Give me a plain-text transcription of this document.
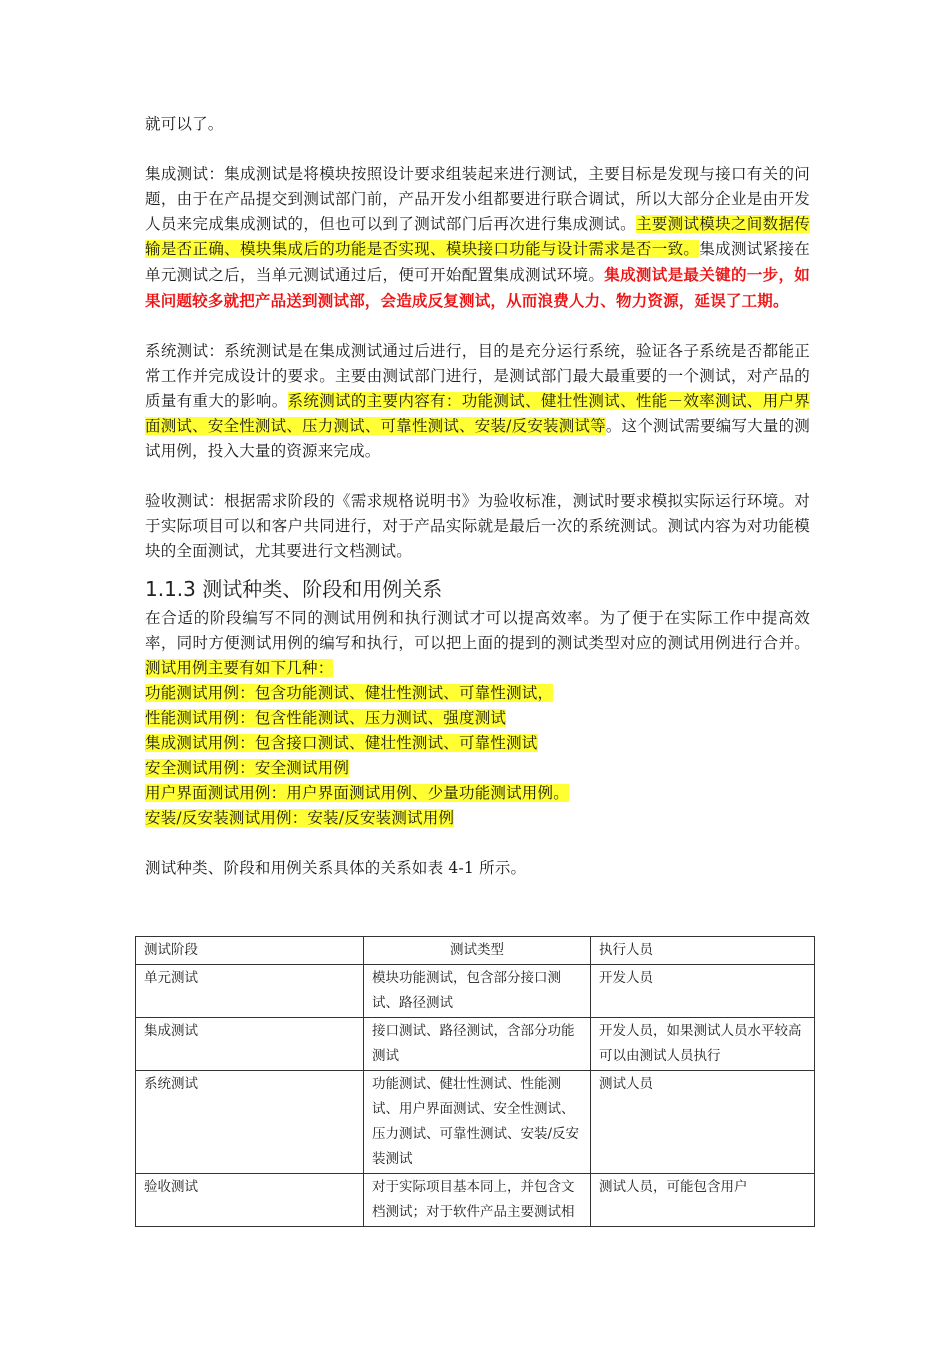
就可以了。

集成测试：集成测试是将模块按照设计要求组装起来进行测试，主要目标是发现与接口有关的问题，由于在产品提交到测试部门前，产品开发小组都要进行联合调试，所以大部分企业是由开发人员来完成集成测试的，但也可以到了测试部门后再次进行集成测试。主要测试模块之间数据传输是否正确、模块集成后的功能是否实现、模块接口功能与设计需求是否一致。集成测试紧接在单元测试之后，当单元测试通过后，便可开始配置集成测试环境。集成测试是最关键的一步，如果问题较多就把产品送到测试部，会造成反复测试，从而浪费人力、物力资源，延误了工期。

系统测试：系统测试是在集成测试通过后进行，目的是充分运行系统，验证各子系统是否都能正常工作并完成设计的要求。主要由测试部门进行，是测试部门最大最重要的一个测试，对产品的质量有重大的影响。系统测试的主要内容有：功能测试、健壮性测试、性能－效率测试、用户界面测试、安全性测试、压力测试、可靠性测试、安装/反安装测试等。这个测试需要编写大量的测试用例，投入大量的资源来完成。

验收测试：根据需求阶段的《需求规格说明书》为验收标准，测试时要求模拟实际运行环境。对于实际项目可以和客户共同进行，对于产品实际就是最后一次的系统测试。测试内容为对功能模块的全面测试，尤其要进行文档测试。

1.1.3 测试种类、阶段和用例关系

在合适的阶段编写不同的测试用例和执行测试才可以提高效率。为了便于在实际工作中提高效率，同时方便测试用例的编写和执行，可以把上面的提到的测试类型对应的测试用例进行合并。测试用例主要有如下几种：

功能测试用例：包含功能测试、健壮性测试、可靠性测试，
性能测试用例：包含性能测试、压力测试、强度测试
集成测试用例：包含接口测试、健壮性测试、可靠性测试
安全测试用例：安全测试用例
用户界面测试用例：用户界面测试用例、少量功能测试用例。
安装/反安装测试用例：安装/反安装测试用例

测试种类、阶段和用例关系具体的关系如表 4-1 所示。

测试阶段	测试类型	执行人员
单元测试	模块功能测试，包含部分接口测试、路径测试	开发人员
集成测试	接口测试、路径测试，含部分功能测试	开发人员，如果测试人员水平较高可以由测试人员执行
系统测试	功能测试、健壮性测试、性能测试、用户界面测试、安全性测试、压力测试、可靠性测试、安装/反安装测试	测试人员
验收测试	对于实际项目基本同上，并包含文档测试；对于软件产品主要测试相	测试人员，可能包含用户
